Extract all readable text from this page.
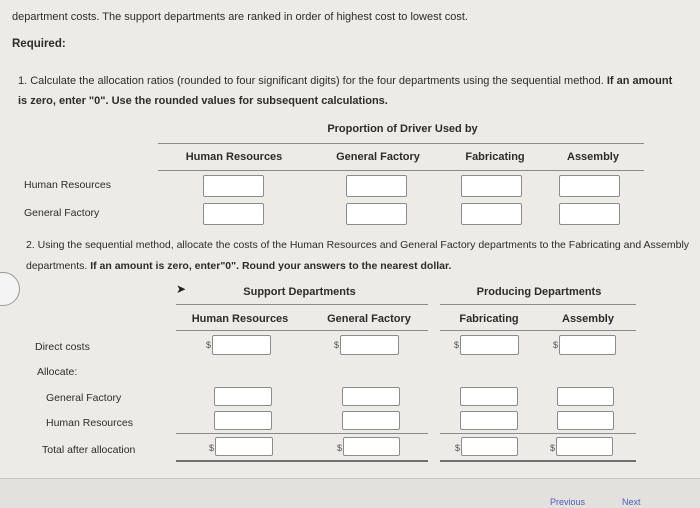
department costs. The support departments are ranked in order of highest cost to lowest cost.
Required:
1. Calculate the allocation ratios (rounded to four significant digits) for the four departments using the sequential method. If an amount is zero, enter "0". Use the rounded values for subsequent calculations.
Proportion of Driver Used by
Human Resources	General Factory	Fabricating	Assembly
Human Resources
General Factory
2. Using the sequential method, allocate the costs of the Human Resources and General Factory departments to the Fabricating and Assembly departments. If an amount is zero, enter"0". Round your answers to the nearest dollar.
➤	Support Departments	Producing Departments
Human Resources	General Factory	Fabricating	Assembly
Direct costs	$	$	$	$
Allocate:
General Factory
Human Resources
Total after allocation	$	$	$	$
Previous	Next
